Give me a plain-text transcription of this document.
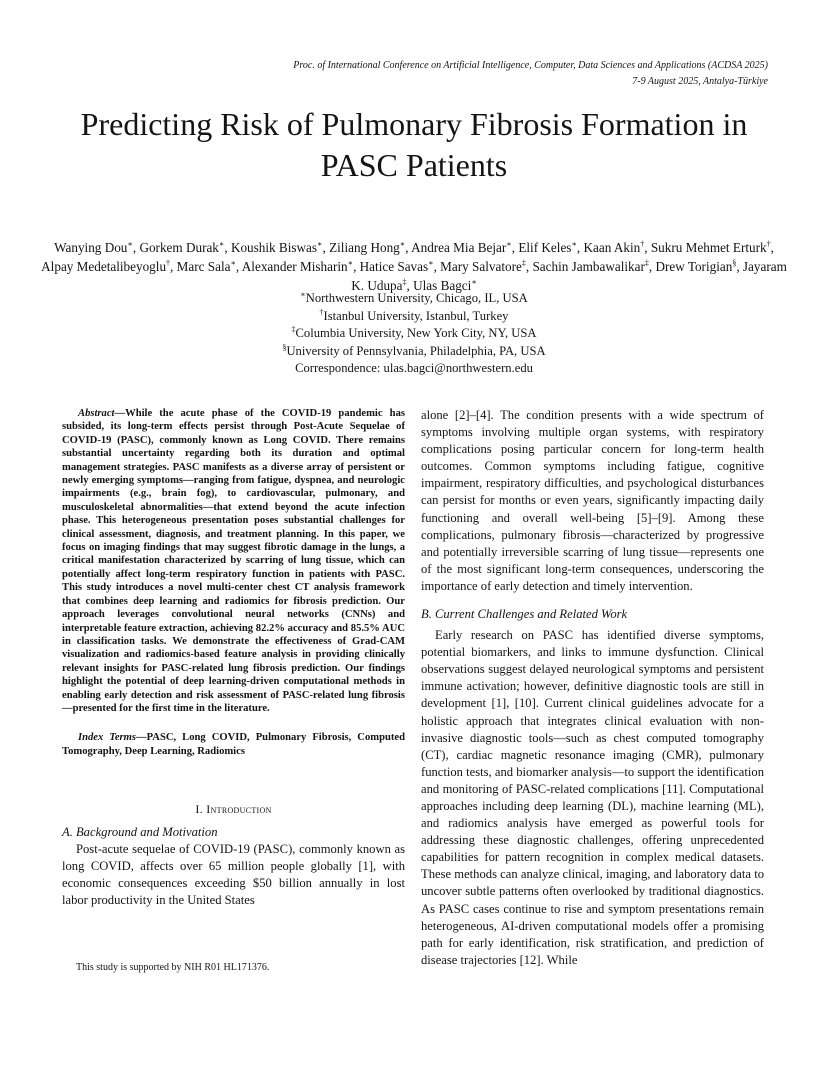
Proc. of International Conference on Artificial Intelligence, Computer, Data Sciences and Applications (ACDSA 2025)
7-9 August 2025, Antalya-Türkiye
Predicting Risk of Pulmonary Fibrosis Formation in PASC Patients
Wanying Dou∗, Gorkem Durak∗, Koushik Biswas∗, Ziliang Hong∗, Andrea Mia Bejar∗, Elif Keles∗, Kaan Akin†, Sukru Mehmet Erturk†, Alpay Medetalibeyoglu†, Marc Sala∗, Alexander Misharin∗, Hatice Savas∗, Mary Salvatore‡, Sachin Jambawalikar‡, Drew Torigian§, Jayaram K. Udupa‡, Ulas Bagci∗
∗Northwestern University, Chicago, IL, USA
†Istanbul University, Istanbul, Turkey
‡Columbia University, New York City, NY, USA
§University of Pennsylvania, Philadelphia, PA, USA
Correspondence: ulas.bagci@northwestern.edu

Abstract—While the acute phase of the COVID-19 pandemic has subsided, its long-term effects persist through Post-Acute Sequelae of COVID-19 (PASC), commonly known as Long COVID. There remains substantial uncertainty regarding both its duration and optimal management strategies. PASC manifests as a diverse array of persistent or newly emerging symptoms—ranging from fatigue, dyspnea, and neurologic impairments (e.g., brain fog), to cardiovascular, pulmonary, and musculoskeletal abnormalities—that extend beyond the acute infection phase. This heterogeneous presentation poses substantial challenges for clinical assessment, diagnosis, and treatment planning. In this paper, we focus on imaging findings that may suggest fibrotic damage in the lungs, a critical manifestation characterized by scarring of lung tissue, which can potentially affect long-term respiratory function in patients with PASC. This study introduces a novel multi-center chest CT analysis framework that combines deep learning and radiomics for fibrosis prediction. Our approach leverages convolutional neural networks (CNNs) and interpretable feature extraction, achieving 82.2% accuracy and 85.5% AUC in classification tasks. We demonstrate the effectiveness of Grad-CAM visualization and radiomics-based feature analysis in providing clinically relevant insights for PASC-related lung fibrosis prediction. Our findings highlight the potential of deep learning-driven computational methods in enabling early detection and risk assessment of PASC-related lung fibrosis—presented for the first time in the literature.

Index Terms—PASC, Long COVID, Pulmonary Fibrosis, Computed Tomography, Deep Learning, Radiomics

I. Introduction

A. Background and Motivation

Post-acute sequelae of COVID-19 (PASC), commonly known as long COVID, affects over 65 million people globally [1], with economic consequences exceeding $50 billion annually in lost labor productivity in the United States

alone [2]–[4]. The condition presents with a wide spectrum of symptoms involving multiple organ systems, with respiratory complications posing particular concern for long-term health outcomes. Common symptoms including fatigue, cognitive impairment, respiratory difficulties, and psychological disturbances can persist for months or even years, significantly impacting daily functioning and overall well-being [5]–[9]. Among these complications, pulmonary fibrosis—characterized by progressive and potentially irreversible scarring of lung tissue—represents one of the most significant long-term consequences, underscoring the importance of early detection and timely intervention.

B. Current Challenges and Related Work

Early research on PASC has identified diverse symptoms, potential biomarkers, and links to immune dysfunction. Clinical observations suggest delayed neurological symptoms and persistent immune activation; however, definitive diagnostic tools are still in development [1], [10]. Current clinical guidelines advocate for a holistic approach that integrates clinical evaluation with non-invasive diagnostic tools—such as chest computed tomography (CT), cardiac magnetic resonance imaging (CMR), pulmonary function tests, and biomarker analysis—to support the identification and monitoring of PASC-related complications [11]. Computational approaches including deep learning (DL), machine learning (ML), and radiomics analysis have emerged as powerful tools for addressing these diagnostic challenges, offering unprecedented capabilities for pattern recognition in complex medical datasets. These methods can analyze clinical, imaging, and laboratory data to uncover subtle patterns often overlooked by traditional diagnostics. As PASC cases continue to rise and symptom presentations remain heterogeneous, AI-driven computational models offer a promising path for early identification, risk stratification, and prediction of disease trajectories [12]. While

This study is supported by NIH R01 HL171376.
